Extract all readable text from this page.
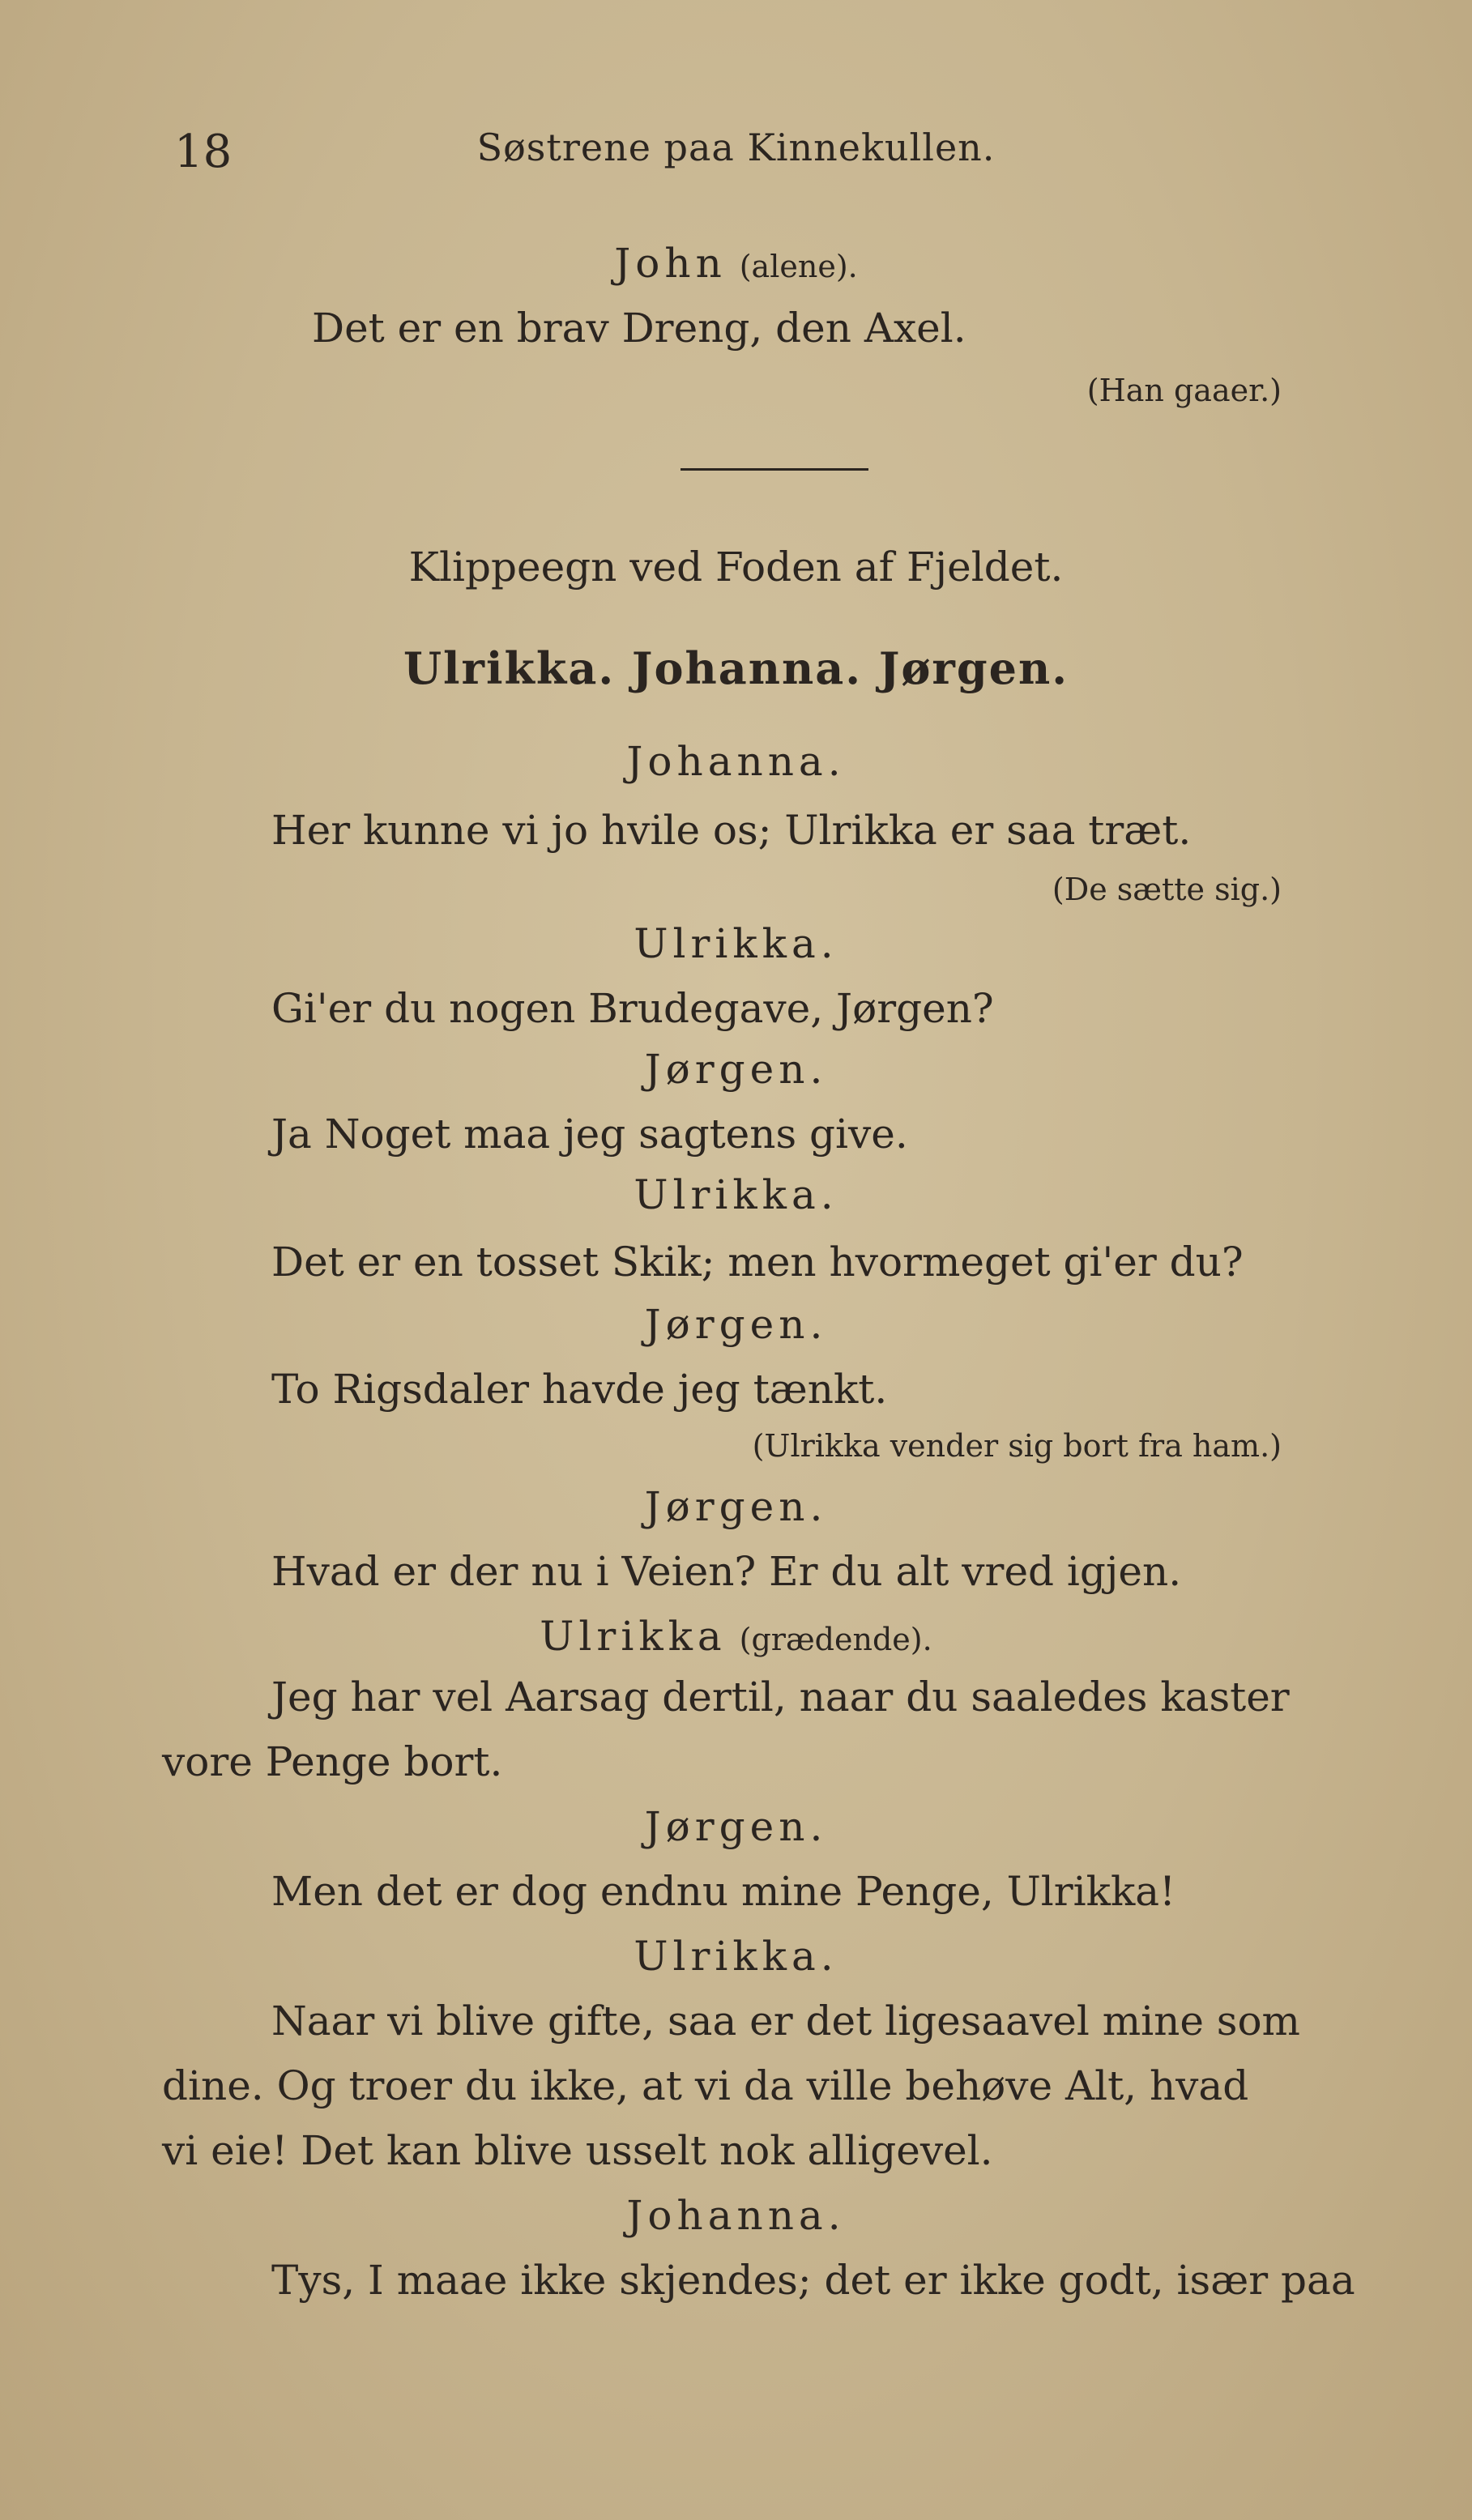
18	Søstrene paa Kinnekullen.
John (alene).
Det er en brav Dreng, den Axel.
(Han gaaer.)
Klippeegn ved Foden af Fjeldet.
Ulrikka. Johanna. Jørgen.
Johanna.
Her kunne vi jo hvile os; Ulrikka er saa træt.
(De sætte sig.)
Ulrikka.
Gi'er du nogen Brudegave, Jørgen?
Jørgen.
Ja Noget maa jeg sagtens give.
Ulrikka.
Det er en tosset Skik; men hvormeget gi'er du?
Jørgen.
To Rigsdaler havde jeg tænkt.
(Ulrikka vender sig bort fra ham.)
Jørgen.
Hvad er der nu i Veien? Er du alt vred igjen.
Ulrikka (grædende).
Jeg har vel Aarsag dertil, naar du saaledes kaster
vore Penge bort.
Jørgen.
Men det er dog endnu mine Penge, Ulrikka!
Ulrikka.
Naar vi blive gifte, saa er det ligesaavel mine som
dine. Og troer du ikke, at vi da ville behøve Alt, hvad
vi eie! Det kan blive usselt nok alligevel.
Johanna.
Tys, I maae ikke skjendes; det er ikke godt, især paa
